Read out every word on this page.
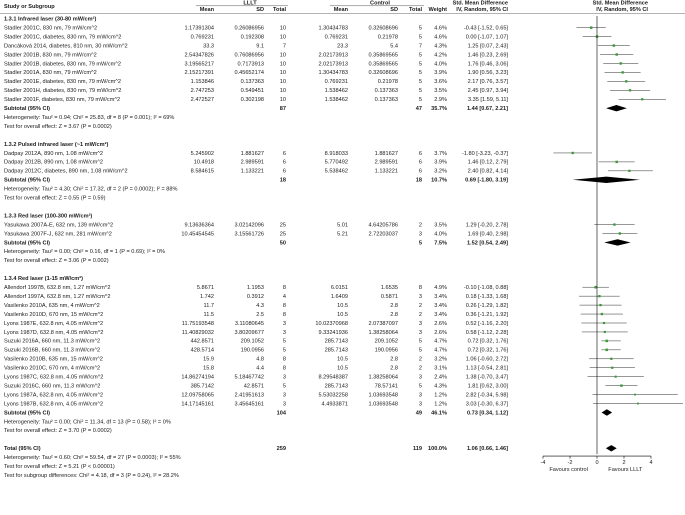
Study or Subgroup
LLLT	Control
Mean	SD Total	Mean	SD Total Weight
Std. Mean Difference
IV, Random, 95% CI
Std. Mean Difference
IV, Random, 95% CI
1.3.1 Infrared laser (30-80 mW/cm²)
Stadler 2001C, 830 nm, 79 mW/cm^2	1.17391304	0.26086956	10	1.30434783	0.32608696	5 4.6%	-0.43 [-1.52, 0.65]
Stadler 2001C, diabetes, 830 nm, 79 mW/cm^2	0.769231	0.192308	10	0.769231	0.21978	5 4.6%	0.00 [-1.07, 1.07]
Dancáková 2014, diabetes, 810 nm, 30 mW/cm^2	33.3	9.1	7	23.3	5.4	7 4.3%	1.25 [0.07, 2.43]
Stadler 2001B, 830 nm, 79 mW/cm^2	2.54347826	0.76086956	10	2.02173913	0.35869565	5 4.2%	1.46 [0.23, 2.69]
Stadler 2001B, diabetes, 830 nm, 79 mW/cm^2	3.19565217	0.7173913	10	2.02173913	0.35869565	5 4.0%	1.76 [0.46, 3.06]
Stadler 2001A, 830 nm, 79 mW/cm^2	2.15217391	0.45652174	10	1.30434783	0.32608696	5 3.9%	1.90 [0.56, 3.23]
Stadler 2001E, diabetes, 830 nm, 79 mW/cm^2	1.153846	0.137363	10	0.769231	0.21978	5 3.6%	2.17 [0.76, 3.57]
Stadler 2001H, diabetes, 830 nm, 79 mW/cm^2	2.747253	0.549451	10	1.538462	0.137363	5 3.5%	2.45 [0.97, 3.94]
Stadler 2001F, diabetes, 830 nm, 79 mW/cm^2	2.472527	0.302198	10	1.538462	0.137363	5 2.9%	3.35 [1.59, 5.11]
Subtotal (95% CI)	87	47 35.7%	1.44 [0.67, 2.21]
Heterogeneity: Tau² = 0.94; Chi² = 25.83, df = 8 (P = 0.001); I² = 69%
Test for overall effect: Z = 3.67 (P = 0.0002)
1.3.2 Pulsed infrared laser (~1 mW/cm²)
Dadpay 2012A, 890 nm, 1.08 mW/cm^2	5.245902	1.881627	6	8.918033	1.881627	6 3.7%	-1.80 [-3.23, -0.37]
Dadpay 2012B, 890 nm, 1.08 mW/cm^2	10.4918	2.989591	6	5.770492	2.989591	6 3.9%	1.46 [0.12, 2.79]
Dadpay 2012C, diabetes, 890 nm, 1.08 mW/cm^2	8.584615	1.133221	6	5.538462	1.133221	6 3.2%	2.40 [0.82, 4.14]
Subtotal (95% CI)	18	18 10.7%	0.69 [-1.80, 3.19]
Heterogeneity: Tau² = 4.30; Chi² = 17.32, df = 2 (P = 0.0002); I² = 88%
Test for overall effect: Z = 0.55 (P = 0.59)
1.3.3 Red laser (100-300 mW/cm²)
Yasukawa 2007A-E, 632 nm, 139 mW/cm^2	9.13636364	3.02142096	25	5.01	4.64205786	2 3.5%	1.29 [-0.20, 2.78]
Yasukawa 2007F-J, 632 nm, 281 mW/cm^2	10.45454545	3.15561726	25	5.21	2.72203037	3 4.0%	1.69 [0.40, 2.98]
Subtotal (95% CI)	50	5 7.5%	1.52 [0.54, 2.49]
Heterogeneity: Tau² = 0.00; Chi² = 0.16, df = 1 (P = 0.69); I² = 0%
Test for overall effect: Z = 3.06 (P = 0.002)
1.3.4 Red laser (1-15 mW/cm²)
Allendorf 1997B, 632.8 nm, 1.27 mW/cm^2	5.8671	1.1953	8	6.0151	1.6535	8 4.9%	-0.10 [-1.08, 0.88]
Allendorf 1997A, 632.8 nm, 1.27 mW/cm^2	1.742	0.3912	4	1.6409	0.5871	3 3.4%	0.18 [-1.33, 1.68]
Vasilenko 2010A, 635 nm, 4 mW/cm^2	11.7	4.3	8	10.5	2.8	2 3.4%	0.26 [-1.29, 1.82]
Vasilenko 2010D, 670 nm, 15 mW/cm^2	11.5	2.5	8	10.5	2.8	2 3.4%	0.36 [-1.21, 1.92]
Lyons 1987E, 632.8 nm, 4.05 mW/cm^2	11.75193548	3.11080645	3	10.02370968	2.07387097	3 2.6%	0.52 [-1.16, 2.20]
Lyons 1987D, 632.8 nm, 4.05 mW/cm^2	11.40829032	3.80209677	3	9.33241936	1.38258064	3 2.6%	0.58 [-1.12, 2.28]
Suzuki 2016A, 660 nm, 11.3 mW/cm^2	442.8571	209.1052	5	285.7143	209.1052	5 4.7%	0.72 [0.32, 1.76]
Suzuki 2016B, 660 nm, 11.3 mW/cm^2	428.5714	190.0956	5	285.7143	190.0956	5 4.7%	0.72 [0.32, 1.76]
Vasilenko 2010B, 635 nm, 15 mW/cm^2	15.9	4.8	8	10.5	2.8	2 3.2%	1.06 [-0.60, 2.72]
Vasilenko 2010C, 670 nm, 4 mW/cm^2	15.8	4.4	8	10.5	2.8	2 3.1%	1.13 [-0.54, 2.81]
Lyons 1987C, 632.8 nm, 4.05 mW/cm^2	14.86274194	5.18467742	3	8.29548387	1.38258064	3 2.4%	1.38 [-0.70, 3.47]
Suzuki 2016C, 660 nm, 11.3 mW/cm^2	385.7142	42.8571	5	285.7143	78.57141	5 4.3%	1.81 [0.62, 3.00]
Lyons 1987A, 632.8 nm, 4.05 mW/cm^2	12.09758065	2.41951613	3	5.53032258	1.03693548	3 1.2%	2.82 [-0.34, 5.98]
Lyons 1987B, 632.8 nm, 4.05 mW/cm^2	14.17145161	3.45645161	3	4.4933871	1.03693548	3 1.2%	3.03 [-0.30, 6.37]
Subtotal (95% CI)	104	49 46.1%	0.73 [0.34, 1.12]
Heterogeneity: Tau² = 0.00; Chi² = 11.34, df = 13 (P = 0.58); I² = 0%
Test for overall effect: Z = 3.70 (P = 0.0002)
Total (95% CI)	259	119 100.0%	1.06 [0.66, 1.46]
Heterogeneity: Tau² = 0.60; Chi² = 59.54, df = 27 (P = 0.0003); I² = 55%
Test for overall effect: Z = 5.21 (P < 0.00001)
Test for subgroup differences: Chi² = 4.18, df = 3 (P = 0.24), I² = 28.2%
-4	-2	0	2	4
Favours control	Favours LLLT
